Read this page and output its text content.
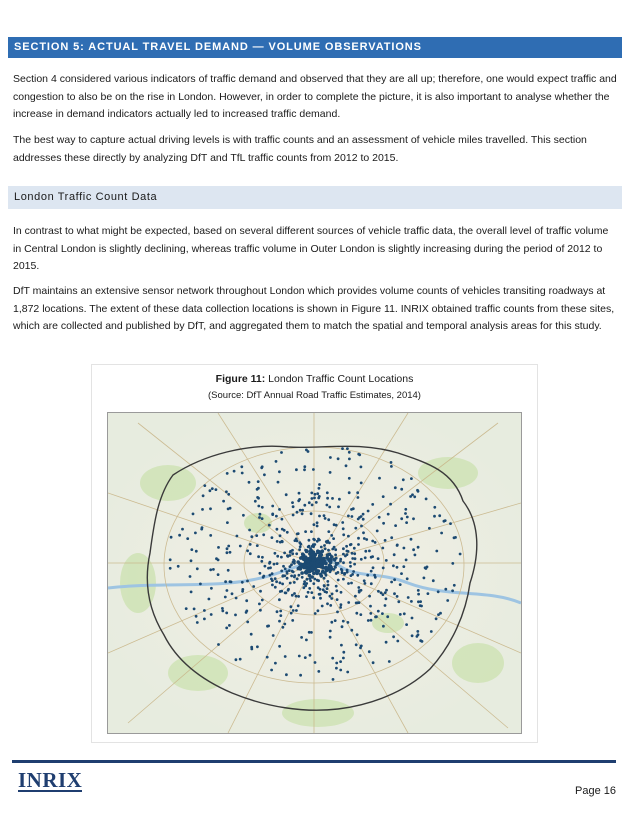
SECTION 5: ACTUAL TRAVEL DEMAND — VOLUME OBSERVATIONS

Section 4 considered various indicators of traffic demand and observed that they are all up; therefore, one would expect traffic and congestion to also be on the rise in London. However, in order to complete the picture, it is also important to analyse whether the increase in demand indicators actually led to increased traffic demand.

The best way to capture actual driving levels is with traffic counts and an assessment of vehicle miles travelled. This section addresses these directly by analyzing DfT and TfL traffic counts from 2012 to 2015.

London Traffic Count Data

In contrast to what might be expected, based on several different sources of vehicle traffic data, the overall level of traffic volume in Central London is slightly declining, whereas traffic volume in Outer London is slightly increasing during the period of 2012 to 2015.

DfT maintains an extensive sensor network throughout London which provides volume counts of vehicles transiting roadways at 1,872 locations. The extent of these data collection locations is shown in Figure 11. INRIX obtained traffic counts from these sites, which are collected and published by DfT, and aggregated them to match the spatial and temporal analysis areas for this study.

Figure 11: London Traffic Count Locations
(Source: DfT Annual Road Traffic Estimates, 2014)
INRIX	Page 16
